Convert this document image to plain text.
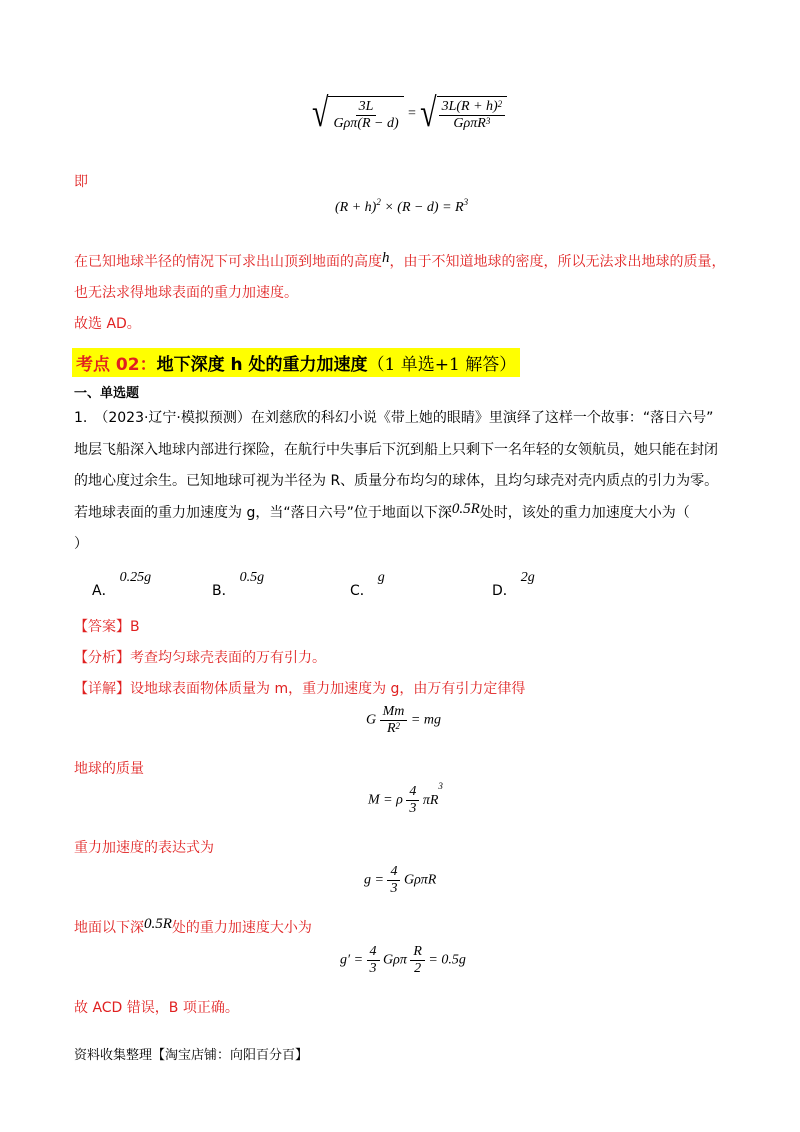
√ $\frac{3L}{\text{Gρπ(R − d)}}$ = √ $\frac{3L(R + h)^2}{G\rho\pi R^3}$
即
$(R + h)^2 \times (R - d) = R^3$
在已知地球半径的情况下可求出山顶到地面的高度h，由于不知道地球的密度，所以无法求出地球的质量，
也无法求得地球表面的重力加速度。
故选 AD。
考点 02：地下深度 h 处的重力加速度（1 单选+1 解答）
一、单选题
1.　（2023·辽宁·模拟预测）在刘慈欣的科幻小说《带上她的眼睛》里演绎了这样一个故事：“落日六号”
地层飞船深入地球内部进行探险，在航行中失事后下沉到船上只剩下一名年轻的女领航员，她只能在封闭
的地心度过余生。已知地球可视为半径为 R、质量分布均匀的球体，且均匀球壳对壳内质点的引力为零。
若地球表面的重力加速度为 g，当“落日六号”位于地面以下深0.5R处时，该处的重力加速度大小为（
）
A．0.25g
B．0.5g
C．g
D．2g
【答案】B
【分析】考查均匀球壳表面的万有引力。
【详解】设地球表面物体质量为 m，重力加速度为 g，由万有引力定律得
G $\frac{Mm}{R^2}$ = mg
地球的质量
M = ρ $\frac{4}{3} \pi R^3$
重力加速度的表达式为
$g = \frac{4}{3}$ GρπR
地面以下深0.5R处的重力加速度大小为
$g' = \frac{4}{3}$ Gρπ $\frac{R}{2} = 0.5g$
故 ACD 错误，B 项正确。
资料收集整理【淘宝店铺：向阳百分百】
